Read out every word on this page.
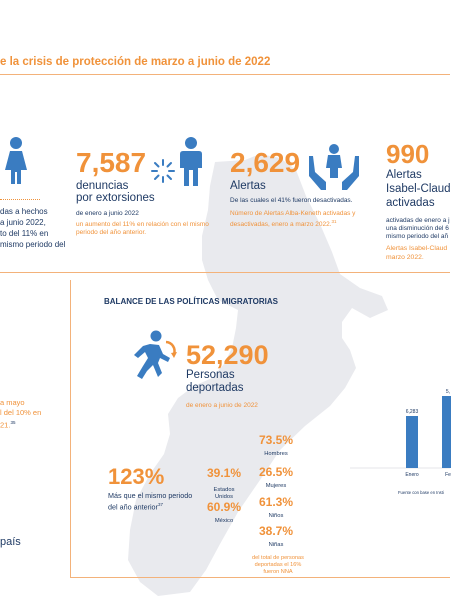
e la crisis de protección de marzo a junio de 2022
das a hechos
a junio 2022,
to del 11% en
mismo periodo del
7,587
denuncias
por extorsiones
de enero a junio 2022
un aumento del 11% en relación con el mismo periodo del año anterior.
2,629
Alertas
De las cuales el 41% fueron desactivadas.
Número de Alertas Alba-Keneth activadas y desactivadas, enero a marzo 2022.31
990
Alertas
Isabel-Claud
activadas
activadas de enero a j
una disminución del 6
mismo periodo del añ
Alertas Isabel-Claud
marzo 2022.
BALANCE DE LAS POLÍTICAS MIGRATORIAS
52,290
Personas
deportadas
de enero a junio de 2022
123%
Más que el mismo periodo del año anterior$^{37}$
39.1%
Estados Unidos
60.9%
México
73.5%
Hombres
26.5%
Mujeres
61.3%
Niños
38.7%
Niñas
del total de personas deportadas el 16% fueron NNA
a mayo
l del 10% en
21.35
país
6,283
Enero
5,
Fe
Fuente con base en Insti
